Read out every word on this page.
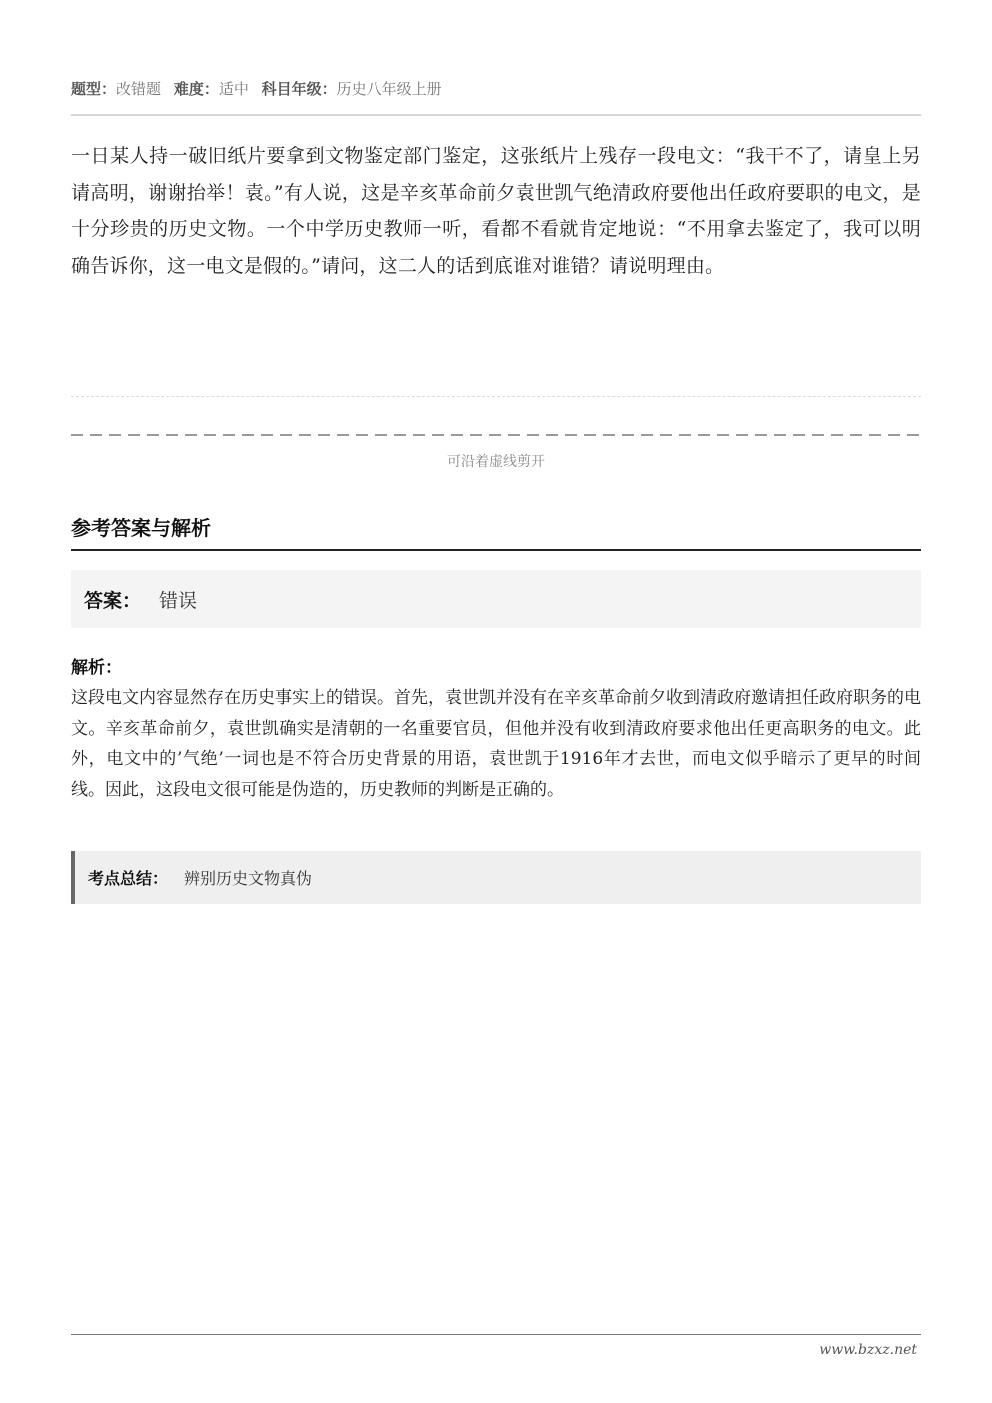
题型：改错题 难度：适中 科目年级：历史八年级上册
一日某人持一破旧纸片要拿到文物鉴定部门鉴定，这张纸片上残存一段电文：“我干不了，请皇上另请高明，谢谢抬举！袁。”有人说，这是辛亥革命前夕袁世凯气绝清政府要他出任政府要职的电文，是十分珍贵的历史文物。一个中学历史教师一听，看都不看就肯定地说：“不用拿去鉴定了，我可以明确告诉你，这一电文是假的。”请问，这二人的话到底谁对谁错？请说明理由。
可沿着虚线剪开
参考答案与解析
答案： 错误
解析：
这段电文内容显然存在历史事实上的错误。首先，袁世凯并没有在辛亥革命前夕收到清政府邀请担任政府职务的电文。辛亥革命前夕，袁世凯确实是清朝的一名重要官员，但他并没有收到清政府要求他出任更高职务的电文。此外，电文中的’气绝’一词也是不符合历史背景的用语，袁世凯于1916年才去世，而电文似乎暗示了更早的时间线。因此，这段电文很可能是伪造的，历史教师的判断是正确的。
考点总结： 辨别历史文物真伪
www.bzxz.net
